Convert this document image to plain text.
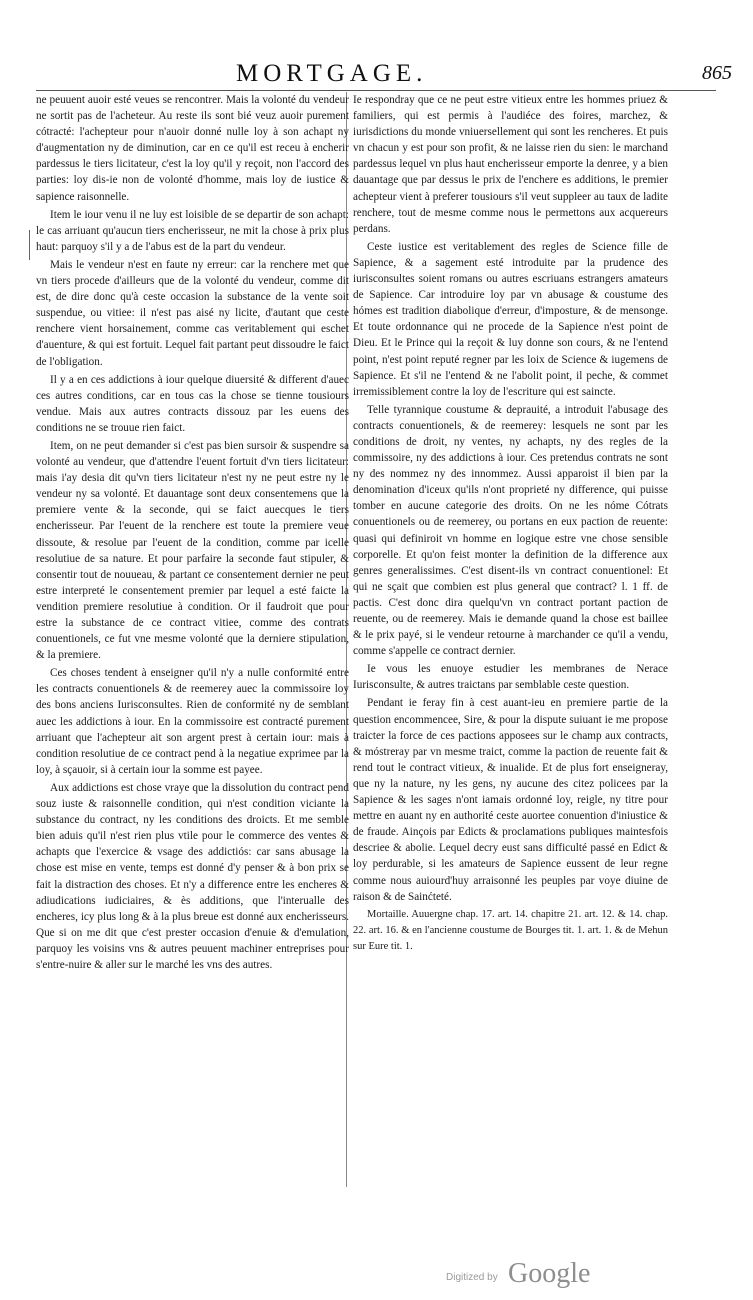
MORTGAGE.	865

ne peuuent auoir esté veues se rencontrer. Mais la volonté du vendeur ne sortit pas de l'acheteur. Au reste ils sont bié veuz auoir purement cótracté: l'achepteur pour n'auoir donné nulle loy à son achapt ny d'augmentation ny de diminution, car en ce qu'il est receu à encherir pardessus le tiers licitateur, c'est la loy qu'il y reçoit, non l'accord des parties: loy dis-ie non de volonté d'homme, mais loy de iustice & sapience raisonnelle.

Item le iour venu il ne luy est loisible de se departir de son achapt: le cas arriuant qu'aucun tiers encherisseur, ne mit la chose à prix plus haut: parquoy s'il y a de l'abus est de la part du vendeur.

Mais le vendeur n'est en faute ny erreur: car la renchere met que vn tiers procede d'ailleurs que de la volonté du vendeur, comme dit est, de dire donc qu'à ceste occasion la substance de la vente soit suspendue, ou vitiee: il n'est pas aisé ny licite, d'autant que ceste renchere vient horsainement, comme cas veritablement qui eschet d'auenture, & qui est fortuit. Lequel fait partant peut dissoudre le faict de l'obligation.

Il y a en ces addictions à iour quelque diuersité & different d'auec ces autres conditions, car en tous cas la chose se tienne tousiours vendue. Mais aux autres contracts dissouz par les euens des conditions ne se trouue rien faict.

Item, on ne peut demander si c'est pas bien sursoir & suspendre sa volonté au vendeur, que d'attendre l'euent fortuit d'vn tiers licitateur: mais i'ay desia dit qu'vn tiers licitateur n'est ny ne peut estre ny le vendeur ny sa volonté. Et dauantage sont deux consentemens que la premiere vente & la seconde, qui se faict auecques le tiers encherisseur. Par l'euent de la renchere est toute la premiere veue dissoute, & resolue par l'euent de la condition, comme par icelle resolutiue de sa nature. Et pour parfaire la seconde faut stipuler, & consentir tout de nouueau, & partant ce consentement dernier ne peut estre interpreté le consentement premier par lequel a esté faicte la vendition premiere resolutiue à condition. Or il faudroit que pour estre la substance de ce contract vitiee, comme des contrats conuentionels, ce fut vne mesme volonté que la derniere stipulation, & la premiere.

Ces choses tendent à enseigner qu'il n'y a nulle conformité entre les contracts conuentionels & de reemerey auec la commissoire loy des bons anciens Iurisconsultes. Rien de conformité ny de semblant auec les addictions à iour. En la commissoire est contracté purement arriuant que l'achepteur ait son argent prest à certain iour: mais à condition resolutiue de ce contract pend à la negatiue exprimee par la loy, à sçauoir, si à certain iour la somme est payee.

Aux addictions est chose vraye que la dissolution du contract pend souz iuste & raisonnelle condition, qui n'est condition viciante la substance du contract, ny les conditions des droicts. Et me semble bien aduis qu'il n'est rien plus vtile pour le commerce des ventes & achapts que l'exercice & vsage des addictiós: car sans abusage la chose est mise en vente, temps est donné d'y penser & à bon prix se fait la distraction des choses. Et n'y a difference entre les encheres & adiudications iudiciaires, & ès additions, que l'interualle des encheres, icy plus long & à la plus breue est donné aux encherisseurs. Que si on me dit que c'est prester occasion d'enuie & d'emulation, parquoy les voisins vns & autres peuuent machiner entreprises pour s'entre-nuire & aller sur le marché les vns des autres.

Ie respondray que ce ne peut estre vitieux entre les hommes priuez & familiers, qui est permis à l'audiéce des foires, marchez, & iurisdictions du monde vniuersellement qui sont les rencheres. Et puis vn chacun y est pour son profit, & ne laisse rien du sien: le marchand pardessus lequel vn plus haut encherisseur emporte la denree, y a bien dauantage que par dessus le prix de l'enchere es additions, le premier achepteur vient à preferer tousiours s'il veut suppleer au taux de ladite renchere, tout de mesme comme nous le permettons aux acquereurs perdans.

Ceste iustice est veritablement des regles de Science fille de Sapience, & a sagement esté introduite par la prudence des iurisconsultes soient romans ou autres escriuans estrangers amateurs de Sapience. Car introduire loy par vn abusage & coustume des hómes est tradition diabolique d'erreur, d'imposture, & de mensonge. Et toute ordonnance qui ne procede de la Sapience n'est point de Dieu. Et le Prince qui la reçoit & luy donne son cours, & ne l'entend point, n'est point reputé regner par les loix de Science & iugemens de Sapience. Et s'il ne l'entend & ne l'abolit point, il peche, & commet irremissiblement contre la loy de l'escriture qui est saincte.

Telle tyrannique coustume & deprauité, a introduit l'abusage des contracts conuentionels, & de reemerey: lesquels ne sont par les conditions de droit, ny ventes, ny achapts, ny des regles de la commissoire, ny des addictions à iour. Ces pretendus contrats ne sont ny des nommez ny des innommez. Aussi apparoist il bien par la denomination d'iceux qu'ils n'ont proprieté ny difference, qui puisse tomber en aucune categorie des droits. On ne les nóme Cótrats conuentionels ou de reemerey, ou portans en eux paction de reuente: quasi qui definiroit vn homme en logique estre vne chose sensible corporelle. Et qu'on feist monter la definition de la difference aux genres generalissimes. C'est disent-ils vn contract conuentionel: Et qui ne sçait que combien est plus general que contract? l. 1 ff. de pactis. C'est donc dira quelqu'vn vn contract portant paction de reuente, ou de reemerey. Mais ie demande quand la chose est baillee & le prix payé, si le vendeur retourne à marchander ce qu'il a vendu, comme s'appelle ce contract dernier.

Ie vous les enuoye estudier les membranes de Nerace Iurisconsulte, & autres traictans par semblable ceste question.

Pendant ie feray fin à cest auant-ieu en premiere partie de la question encommencee, Sire, & pour la dispute suiuant ie me propose traicter la force de ces pactions apposees sur le champ aux contracts, & móstreray par vn mesme traict, comme la paction de reuente fait & rend tout le contract vitieux, & inualide. Et de plus fort enseigneray, que ny la nature, ny les gens, ny aucune des citez policees par la Sapience & les sages n'ont iamais ordonné loy, reigle, ny titre pour mettre en auant ny en authorité ceste auortee conuention d'iniustice & de fraude. Ainçois par Edicts & proclamations publiques maintesfois descriee & abolie. Lequel decry eust sans difficulté passé en Edict & loy perdurable, si les amateurs de Sapience eussent de leur regne comme nous auiourd'huy arraisonné les peuples par voye diuine de raison & de Sainćteté.

Mortaille. Auuergne chap. 17. art. 14. chapitre 21. art. 12. & 14. chap. 22. art. 16. & en l'ancienne coustume de Bourges tit. 1. art. 1. & de Mehun sur Eure tit. 1.

Digitized by Google
